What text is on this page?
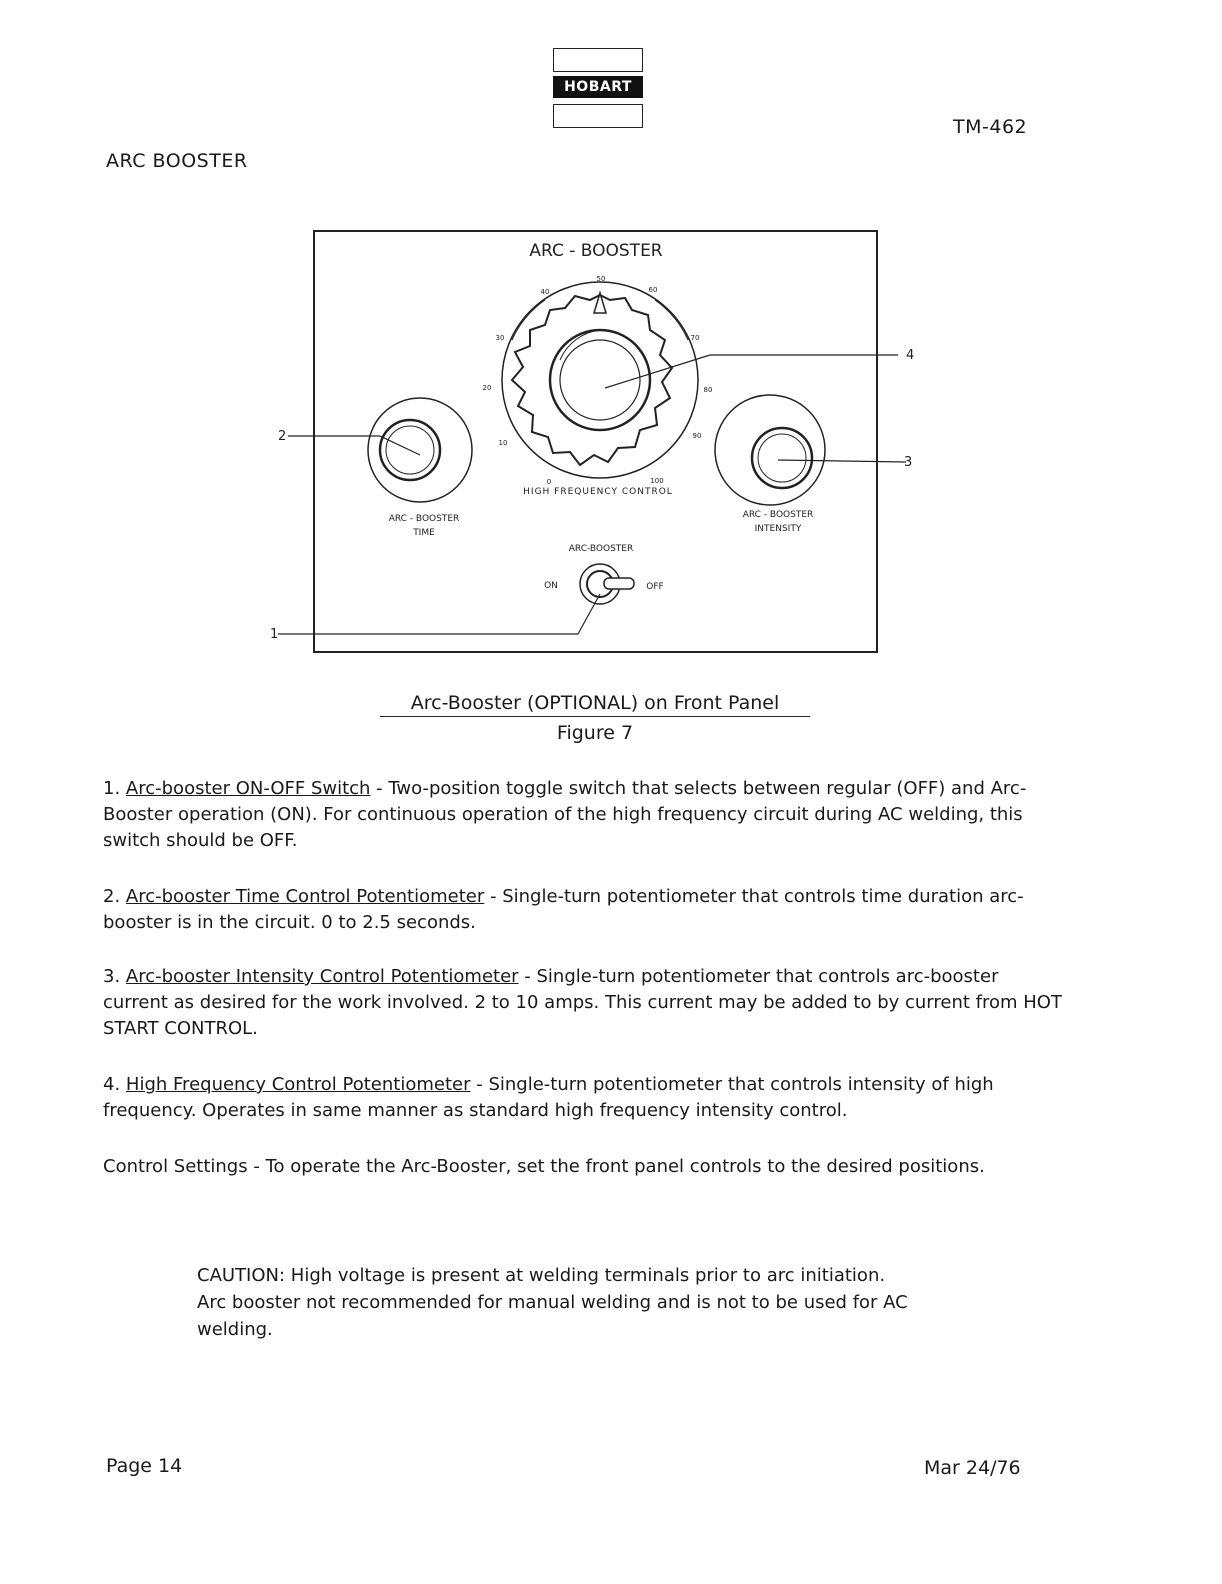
HOBART
TM-462
ARC BOOSTER
ARC - BOOSTER
0
10
20
30
40
50
60
70
80
90
100
HIGH FREQUENCY CONTROL
ARC - BOOSTER
TIME
ARC - BOOSTER
INTENSITY
ARC-BOOSTER
ON	OFF
4
2
3
1
Arc-Booster (OPTIONAL) on Front Panel
Figure 7

1. Arc-booster ON-OFF Switch - Two-position toggle switch that selects between regular (OFF) and Arc-Booster operation (ON). For continuous operation of the high frequency circuit during AC welding, this switch should be OFF.

2. Arc-booster Time Control Potentiometer - Single-turn potentiometer that controls time duration arc-booster is in the circuit. 0 to 2.5 seconds.

3. Arc-booster Intensity Control Potentiometer - Single-turn potentiometer that controls arc-booster current as desired for the work involved. 2 to 10 amps. This current may be added to by current from HOT START CONTROL.

4. High Frequency Control Potentiometer - Single-turn potentiometer that controls intensity of high frequency. Operates in same manner as standard high frequency intensity control.

Control Settings - To operate the Arc-Booster, set the front panel controls to the desired positions.
CAUTION: High voltage is present at welding terminals prior to arc initiation. Arc booster not recommended for manual welding and is not to be used for AC welding.
Page 14	Mar 24/76
